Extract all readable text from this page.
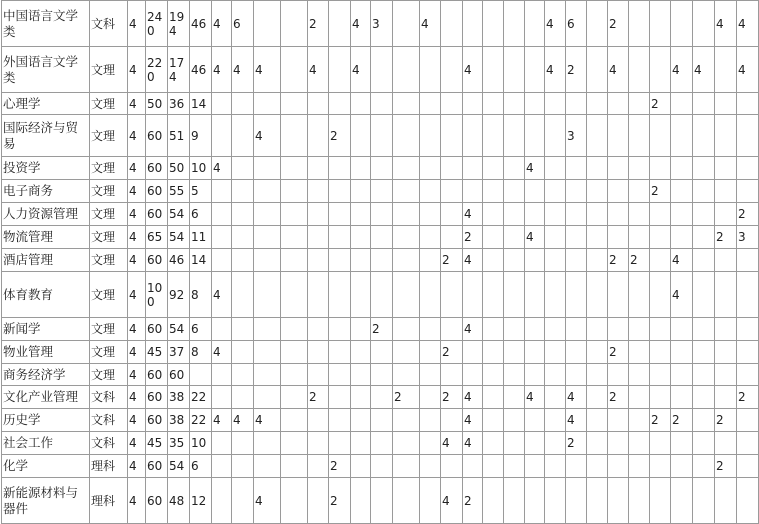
中国语言文学类	文科	4	240	194	46	4	6			2		4	3		4						4	6		2					4	4
外国语言文学类	文理	4	220	174	46	4	4	4		4		4					4				4	2		4			4	4		4
心理学	文理	4	50	36	14																					2				
国际经济与贸易	文理	4	60	51	9			4			2											3								
投资学	文理	4	60	50	10	4														4										
电子商务	文理	4	60	55	5																					2				
人力资源管理	文理	4	60	54	6												4													2
物流管理	文理	4	65	54	11												2			4									2	3
酒店管理	文理	4	60	46	14											2	4							2	2		4			
体育教育	文理	4	100	92	8	4																					4			
新闻学	文理	4	60	54	6								2				4													
物业管理	文理	4	45	37	8	4										2								2						
商务经济学	文理	4	60	60																										
文化产业管理	文科	4	60	38	22					2				2		2	4			4		4		2						2
历史学	文科	4	60	38	22	4	4	4									4					4				2	2		2	
社会工作	文科	4	45	35	10											4	4					2								
化学	理科	4	60	54	6						2																		2	
新能源材料与器件	理科	4	60	48	12			4			2					4	2													
